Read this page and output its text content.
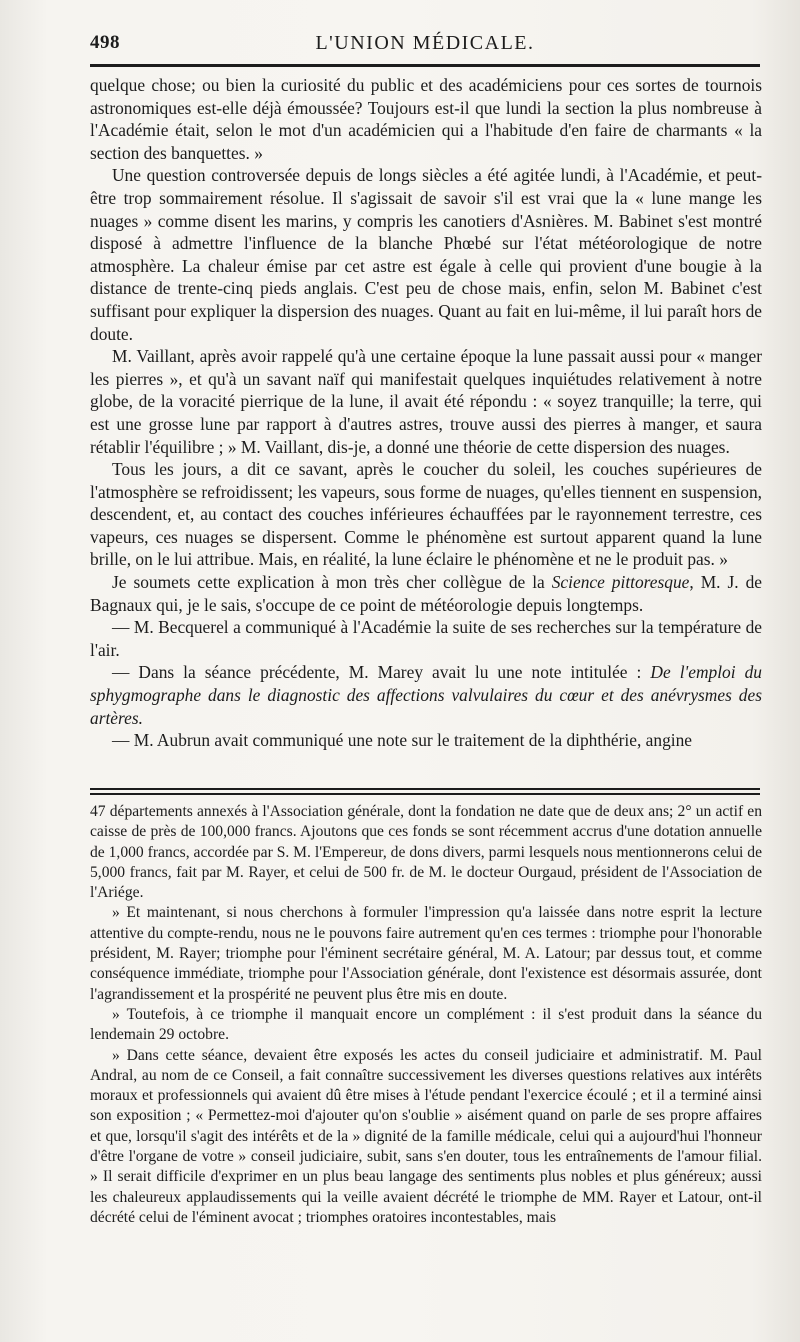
498	L'UNION MÉDICALE.

quelque chose; ou bien la curiosité du public et des académiciens pour ces sortes de tournois astronomiques est-elle déjà émoussée? Toujours est-il que lundi la section la plus nombreuse à l'Académie était, selon le mot d'un académicien qui a l'habitude d'en faire de charmants « la section des banquettes. »

Une question controversée depuis de longs siècles a été agitée lundi, à l'Académie, et peut-être trop sommairement résolue. Il s'agissait de savoir s'il est vrai que la « lune mange les nuages » comme disent les marins, y compris les canotiers d'Asnières. M. Babinet s'est montré disposé à admettre l'influence de la blanche Phœbé sur l'état météorologique de notre atmosphère. La chaleur émise par cet astre est égale à celle qui provient d'une bougie à la distance de trente-cinq pieds anglais. C'est peu de chose mais, enfin, selon M. Babinet c'est suffisant pour expliquer la dispersion des nuages. Quant au fait en lui-même, il lui paraît hors de doute.

M. Vaillant, après avoir rappelé qu'à une certaine époque la lune passait aussi pour « manger les pierres », et qu'à un savant naïf qui manifestait quelques inquiétudes relativement à notre globe, de la voracité pierrique de la lune, il avait été répondu : « soyez tranquille; la terre, qui est une grosse lune par rapport à d'autres astres, trouve aussi des pierres à manger, et saura rétablir l'équilibre ; » M. Vaillant, dis-je, a donné une théorie de cette dispersion des nuages.

Tous les jours, a dit ce savant, après le coucher du soleil, les couches supérieures de l'atmosphère se refroidissent; les vapeurs, sous forme de nuages, qu'elles tiennent en suspension, descendent, et, au contact des couches inférieures échauffées par le rayonnement terrestre, ces vapeurs, ces nuages se dispersent. Comme le phénomène est surtout apparent quand la lune brille, on le lui attribue. Mais, en réalité, la lune éclaire le phénomène et ne le produit pas. »

Je soumets cette explication à mon très cher collègue de la Science pittoresque, M. J. de Bagnaux qui, je le sais, s'occupe de ce point de météorologie depuis longtemps.

— M. Becquerel a communiqué à l'Académie la suite de ses recherches sur la température de l'air.

— Dans la séance précédente, M. Marey avait lu une note intitulée : De l'emploi du sphygmographe dans le diagnostic des affections valvulaires du cœur et des anévrysmes des artères.

— M. Aubrun avait communiqué une note sur le traitement de la diphthérie, angine

47 départements annexés à l'Association générale, dont la fondation ne date que de deux ans; 2° un actif en caisse de près de 100,000 francs. Ajoutons que ces fonds se sont récemment accrus d'une dotation annuelle de 1,000 francs, accordée par S. M. l'Empereur, de dons divers, parmi lesquels nous mentionnerons celui de 5,000 francs, fait par M. Rayer, et celui de 500 fr. de M. le docteur Ourgaud, président de l'Association de l'Ariége.

» Et maintenant, si nous cherchons à formuler l'impression qu'a laissée dans notre esprit la lecture attentive du compte-rendu, nous ne le pouvons faire autrement qu'en ces termes : triomphe pour l'honorable président, M. Rayer; triomphe pour l'éminent secrétaire général, M. A. Latour; par dessus tout, et comme conséquence immédiate, triomphe pour l'Association générale, dont l'existence est désormais assurée, dont l'agrandissement et la prospérité ne peuvent plus être mis en doute.

» Toutefois, à ce triomphe il manquait encore un complément : il s'est produit dans la séance du lendemain 29 octobre.

» Dans cette séance, devaient être exposés les actes du conseil judiciaire et administratif. M. Paul Andral, au nom de ce Conseil, a fait connaître successivement les diverses questions relatives aux intérêts moraux et professionnels qui avaient dû être mises à l'étude pendant l'exercice écoulé ; et il a terminé ainsi son exposition ; « Permettez-moi d'ajouter qu'on s'oublie » aisément quand on parle de ses propre affaires et que, lorsqu'il s'agit des intérêts et de la » dignité de la famille médicale, celui qui a aujourd'hui l'honneur d'être l'organe de votre » conseil judiciaire, subit, sans s'en douter, tous les entraînements de l'amour filial. » Il serait difficile d'exprimer en un plus beau langage des sentiments plus nobles et plus généreux; aussi les chaleureux applaudissements qui la veille avaient décrété le triomphe de MM. Rayer et Latour, ont-il décrété celui de l'éminent avocat ; triomphes oratoires incontestables, mais
